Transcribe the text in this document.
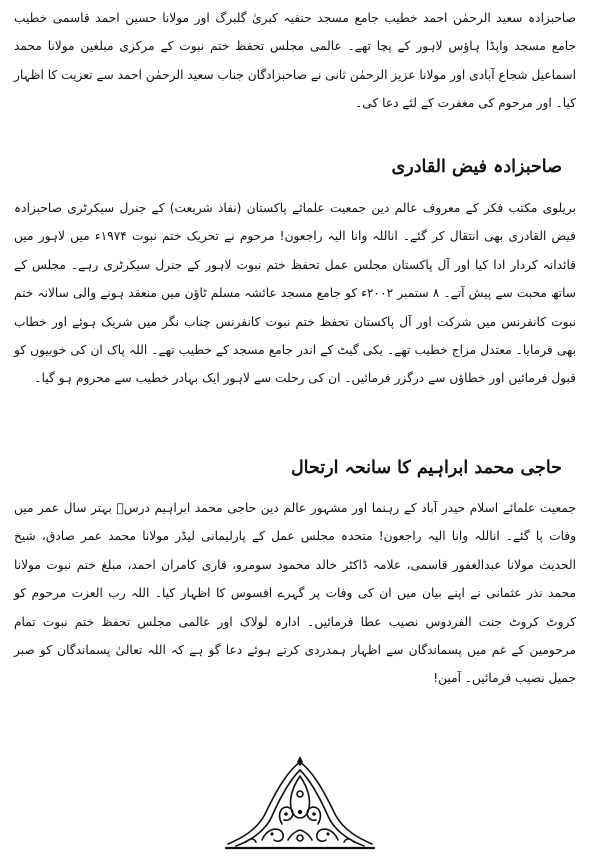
صاحبزادہ سعید الرحمٰن احمد خطیب جامع مسجد حنفیہ کبریٰ گلبرگ اور مولانا حسین احمد قاسمی خطیب جامع مسجد واپڈا ہاؤس لاہور کے پچا تھے۔ عالمی مجلس تحفظ ختم نبوت کے مرکزی مبلغین مولانا محمد اسماعیل شجاع آبادی اور مولانا عزیز الرحمٰن ثانی نے صاحبزادگان جناب سعید الرحمٰن احمد سے تعزیت کا اظہار کیا۔ اور مرحوم کی مغفرت کے لئے دعا کی۔

صاحبزادہ فیض القادری

بریلوی مکتب فکر کے معروف عالم دین جمعیت علمائے پاکستان (نفاذ شریعت) کے جنرل سیکرٹری صاحبزادہ فیض القادری بھی انتقال کر گئے۔ اناللہ وانا الیہ راجعون! مرحوم نے تحریک ختم نبوت ۱۹۷۴ء میں لاہور میں قائدانہ کردار ادا کیا اور آل پاکستان مجلس عمل تحفظ ختم نبوت لاہور کے جنرل سیکرٹری رہے۔ مجلس کے ساتھ محبت سے پیش آتے۔ ۸ ستمبر ۲۰۰۲ء کو جامع مسجد عائشہ مسلم ٹاؤن میں منعقد ہونے والی سالانہ ختم نبوت کانفرنس میں شرکت اور آل پاکستان تحفظ ختم نبوت کانفرنس چناب نگر میں شریک ہوئے اور خطاب بھی فرمایا۔ معتدل مزاج خطیب تھے۔ یکی گیٹ کے اندر جامع مسجد کے خطیب تھے۔ اللہ پاک ان کی خوبیوں کو قبول فرمائیں اور خطاؤں سے درگزر فرمائیں۔ ان کی رحلت سے لاہور ایک بہادر خطیب سے محروم ہو گیا۔

حاجی محمد ابراہیم کا سانحہ ارتحال

جمعیت علمائے اسلام حیدر آباد کے رہنما اور مشہور عالم دین حاجی محمد ابراہیم درسؒ بہتر سال عمر میں وفات پا گئے۔ اناللہ وانا الیہ راجعون! متحدہ مجلس عمل کے پارلیمانی لیڈر مولانا محمد عمر صادق، شیخ الحدیث مولانا عبدالغفور قاسمی، علامہ ڈاکٹر خالد محمود سومرو، قاری کامران احمد، مبلغ ختم نبوت مولانا محمد نذر عثمانی نے اپنے بیان میں ان کی وفات پر گہرے افسوس کا اظہار کیا۔ اللہ رب العزت مرحوم کو کروٹ کروٹ جنت الفردوس نصیب عطا فرمائیں۔ ادارہ لولاک اور عالمی مجلس تحفظ ختم نبوت تمام مرحومین کے غم میں پسماندگان سے اظہار ہمدردی کرتے ہوئے دعا گو ہے کہ اللہ تعالیٰ پسماندگان کو صبر جمیل نصیب فرمائیں۔ آمین!
